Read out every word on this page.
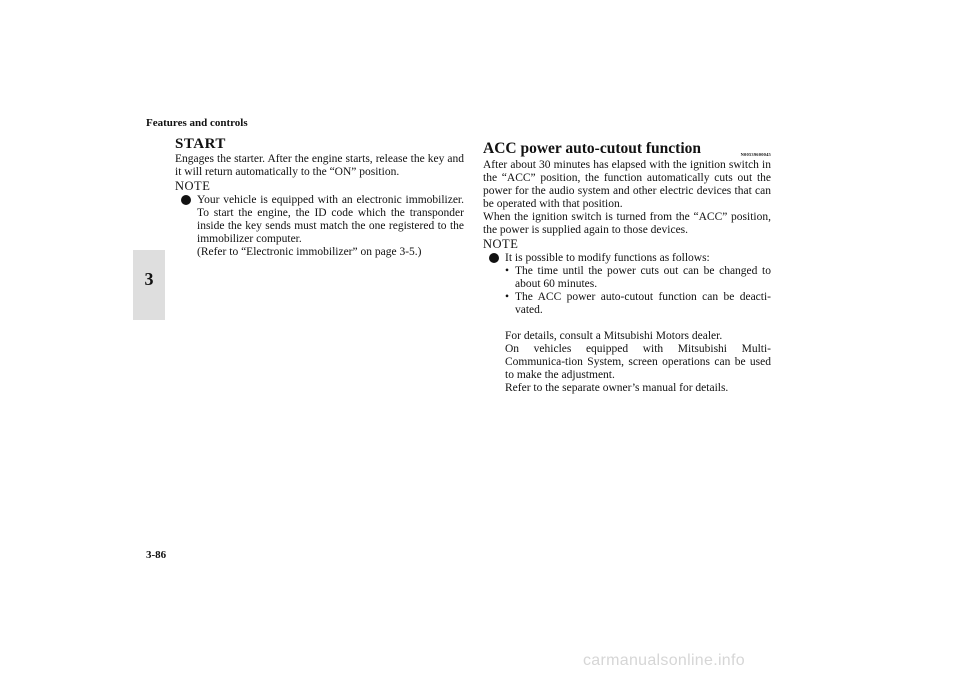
Features and controls
3

START

Engages the starter. After the engine starts, release the key and it will return automatically to the “ON” position.

NOTE

Your vehicle is equipped with an electronic immobilizer. To start the engine, the ID code which the transponder inside the key sends must match the one registered to the immobilizer computer.

(Refer to “Electronic immobilizer” on page 3-5.)

ACC power auto-cutout function	N00539600045

After about 30 minutes has elapsed with the ignition switch in the “ACC” position, the function automatically cuts out the power for the audio system and other electric devices that can be operated with that position.

When the ignition switch is turned from the “ACC” position, the power is supplied again to those devices.

NOTE

It is possible to modify functions as follows:

• The time until the power cuts out can be changed to about 60 minutes.
• The ACC power auto-cutout function can be deacti-vated.

For details, consult a Mitsubishi Motors dealer.

On vehicles equipped with Mitsubishi Multi-Communica-tion System, screen operations can be used to make the adjustment.

Refer to the separate owner’s manual for details.

3-86
carmanualsonline.info
